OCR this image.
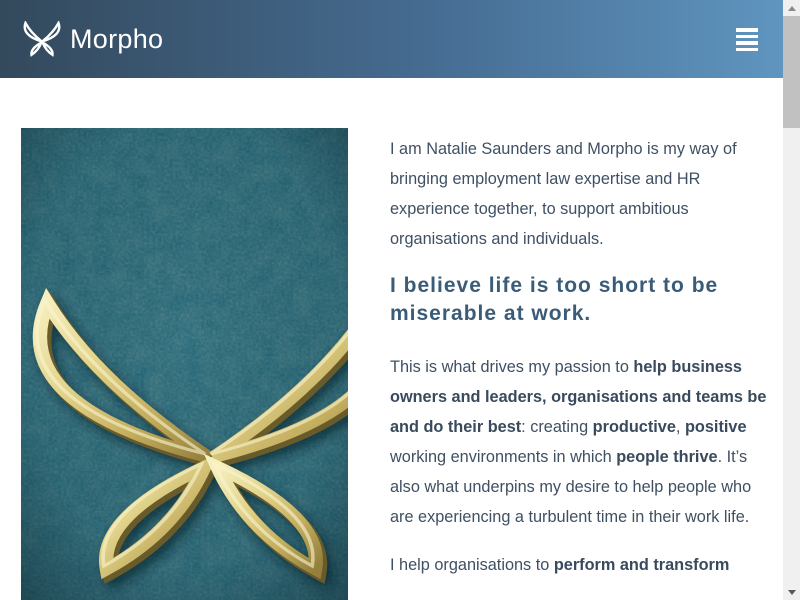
Morpho

I am Natalie Saunders and Morpho is my way of bringing employment law expertise and HR experience together, to support ambitious organisations and individuals.

I believe life is too short to be miserable at work.

This is what drives my passion to help business owners and leaders, organisations and teams be and do their best: creating productive, positive working environments in which people thrive. It’s also what underpins my desire to help people who are experiencing a turbulent time in their work life.

I help organisations to perform and transform
